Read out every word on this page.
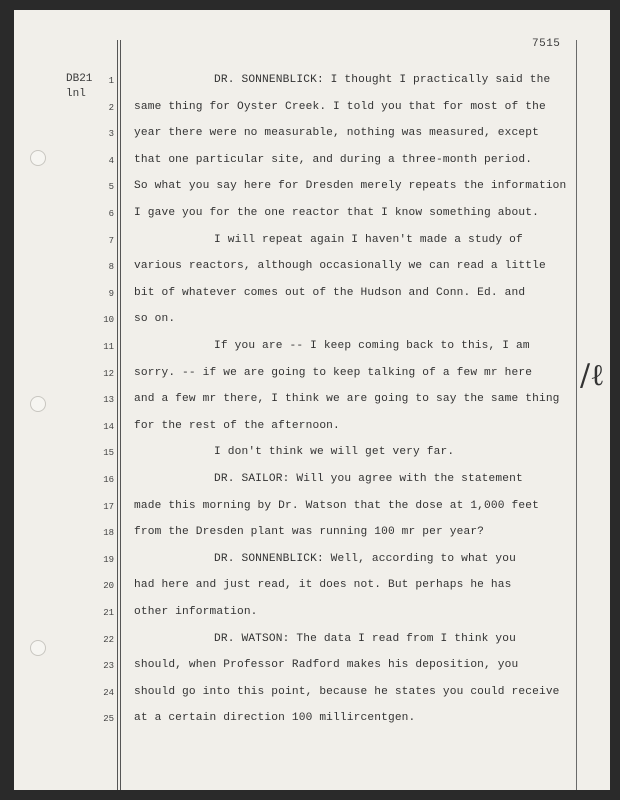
7515
DB21
lnl
1	DR. SONNENBLICK: I thought I practically said the
2 same thing for Oyster Creek. I told you that for most of the
3 year there were no measurable, nothing was measured, except
4 that one particular site, and during a three-month period.
5 So what you say here for Dresden merely repeats the information
6 I gave you for the one reactor that I know something about.
7	I will repeat again I haven't made a study of
8 various reactors, although occasionally we can read a little
9 bit of whatever comes out of the Hudson and Conn. Ed. and
10 so on.
11	If you are -- I keep coming back to this, I am
12 sorry. -- if we are going to keep talking of a few mr here
13 and a few mr there, I think we are going to say the same thing
14 for the rest of the afternoon.
15	I don't think we will get very far.
16	DR. SAILOR: Will you agree with the statement
17 made this morning by Dr. Watson that the dose at 1,000 feet
18 from the Dresden plant was running 100 mr per year?
19	DR. SONNENBLICK: Well, according to what you
20 had here and just read, it does not. But perhaps he has
21 other information.
22	DR. WATSON: The data I read from I think you
23 should, when Professor Radford makes his deposition, you
24 should go into this point, because he states you could receive
25 at a certain direction 100 millircentgen.
/ℓ
